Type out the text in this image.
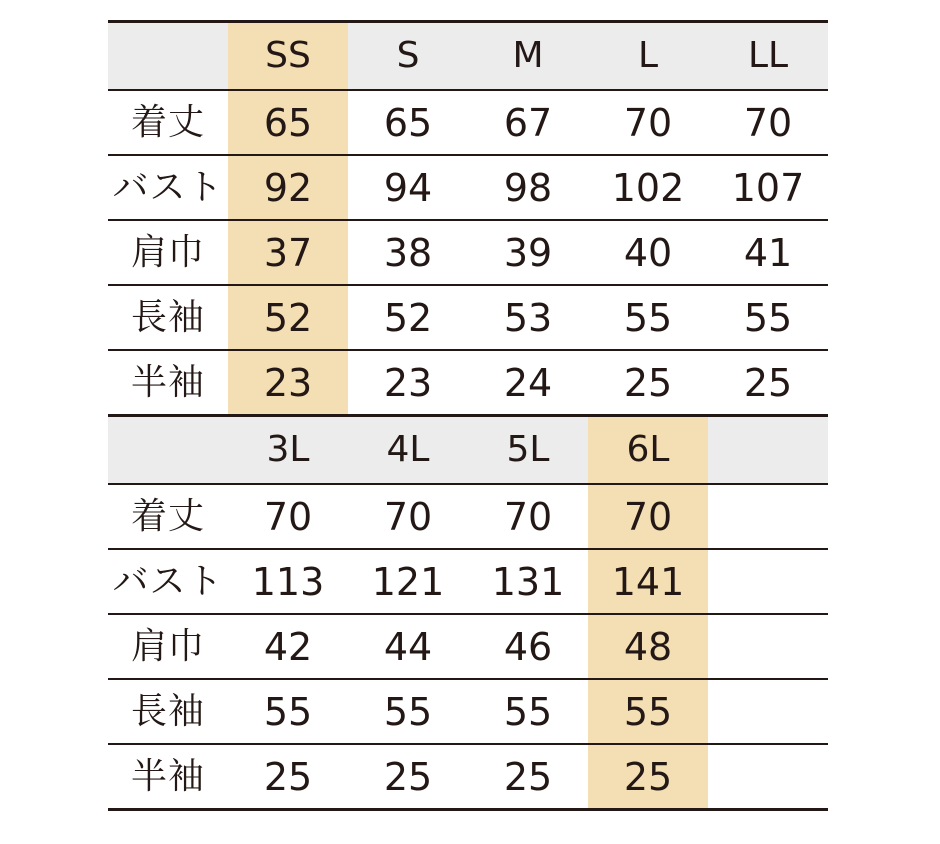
	SS	S	M	L	LL
着丈	65	65	67	70	70
バスト	92	94	98	102	107
肩巾	37	38	39	40	41
長袖	52	52	53	55	55
半袖	23	23	24	25	25
	3L	4L	5L	6L	
着丈	70	70	70	70	
バスト	113	121	131	141	
肩巾	42	44	46	48	
長袖	55	55	55	55	
半袖	25	25	25	25	
